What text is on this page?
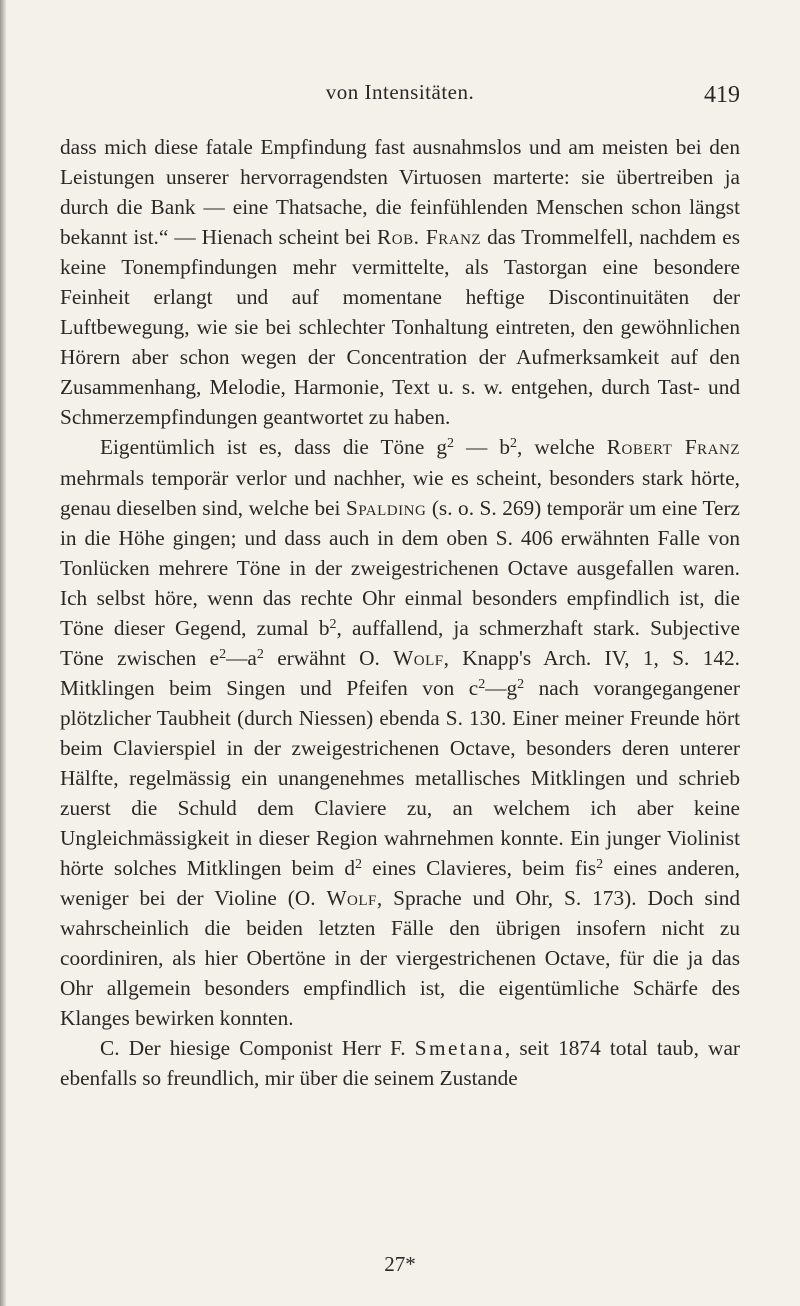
von Intensitäten.	419

dass mich diese fatale Empfindung fast ausnahmslos und am meisten bei den Leistungen unserer hervorragendsten Virtuosen marterte: sie übertreiben ja durch die Bank — eine Thatsache, die feinfühlenden Menschen schon längst bekannt ist.“ — Hienach scheint bei Rob. Franz das Trommelfell, nachdem es keine Tonempfindungen mehr vermittelte, als Tastorgan eine besondere Feinheit erlangt und auf momentane heftige Discontinuitäten der Luftbewegung, wie sie bei schlechter Tonhaltung eintreten, den gewöhnlichen Hörern aber schon wegen der Concentration der Aufmerksamkeit auf den Zusammenhang, Melodie, Harmonie, Text u. s. w. entgehen, durch Tast- und Schmerzempfindungen geantwortet zu haben.

Eigentümlich ist es, dass die Töne $g^2$ — $b^2$, welche Robert Franz mehrmals temporär verlor und nachher, wie es scheint, besonders stark hörte, genau dieselben sind, welche bei Spalding (s. o. S. 269) temporär um eine Terz in die Höhe gingen; und dass auch in dem oben S. 406 erwähnten Falle von Tonlücken mehrere Töne in der zweigestrichenen Octave ausgefallen waren. Ich selbst höre, wenn das rechte Ohr einmal besonders empfindlich ist, die Töne dieser Gegend, zumal $b^2$, auffallend, ja schmerzhaft stark. Subjective Töne zwischen $e^2—a^2$ erwähnt O. Wolf, Knapp's Arch. IV, 1, S. 142. Mitklingen beim Singen und Pfeifen von $c^2—g^2$ nach vorangegangener plötzlicher Taubheit (durch Niessen) ebenda S. 130. Einer meiner Freunde hört beim Clavierspiel in der zweigestrichenen Octave, besonders deren unterer Hälfte, regelmässig ein unangenehmes metallisches Mitklingen und schrieb zuerst die Schuld dem Claviere zu, an welchem ich aber keine Ungleichmässigkeit in dieser Region wahrnehmen konnte. Ein junger Violinist hörte solches Mitklingen beim $d^2$ eines Clavieres, beim fis$^2$ eines anderen, weniger bei der Violine (O. Wolf, Sprache und Ohr, S. 173). Doch sind wahrscheinlich die beiden letzten Fälle den übrigen insofern nicht zu coordiniren, als hier Obertöne in der viergestrichenen Octave, für die ja das Ohr allgemein besonders empfindlich ist, die eigentümliche Schärfe des Klanges bewirken konnten.

C. Der hiesige Componist Herr F. Smetana, seit 1874 total taub, war ebenfalls so freundlich, mir über die seinem Zustande

27*
